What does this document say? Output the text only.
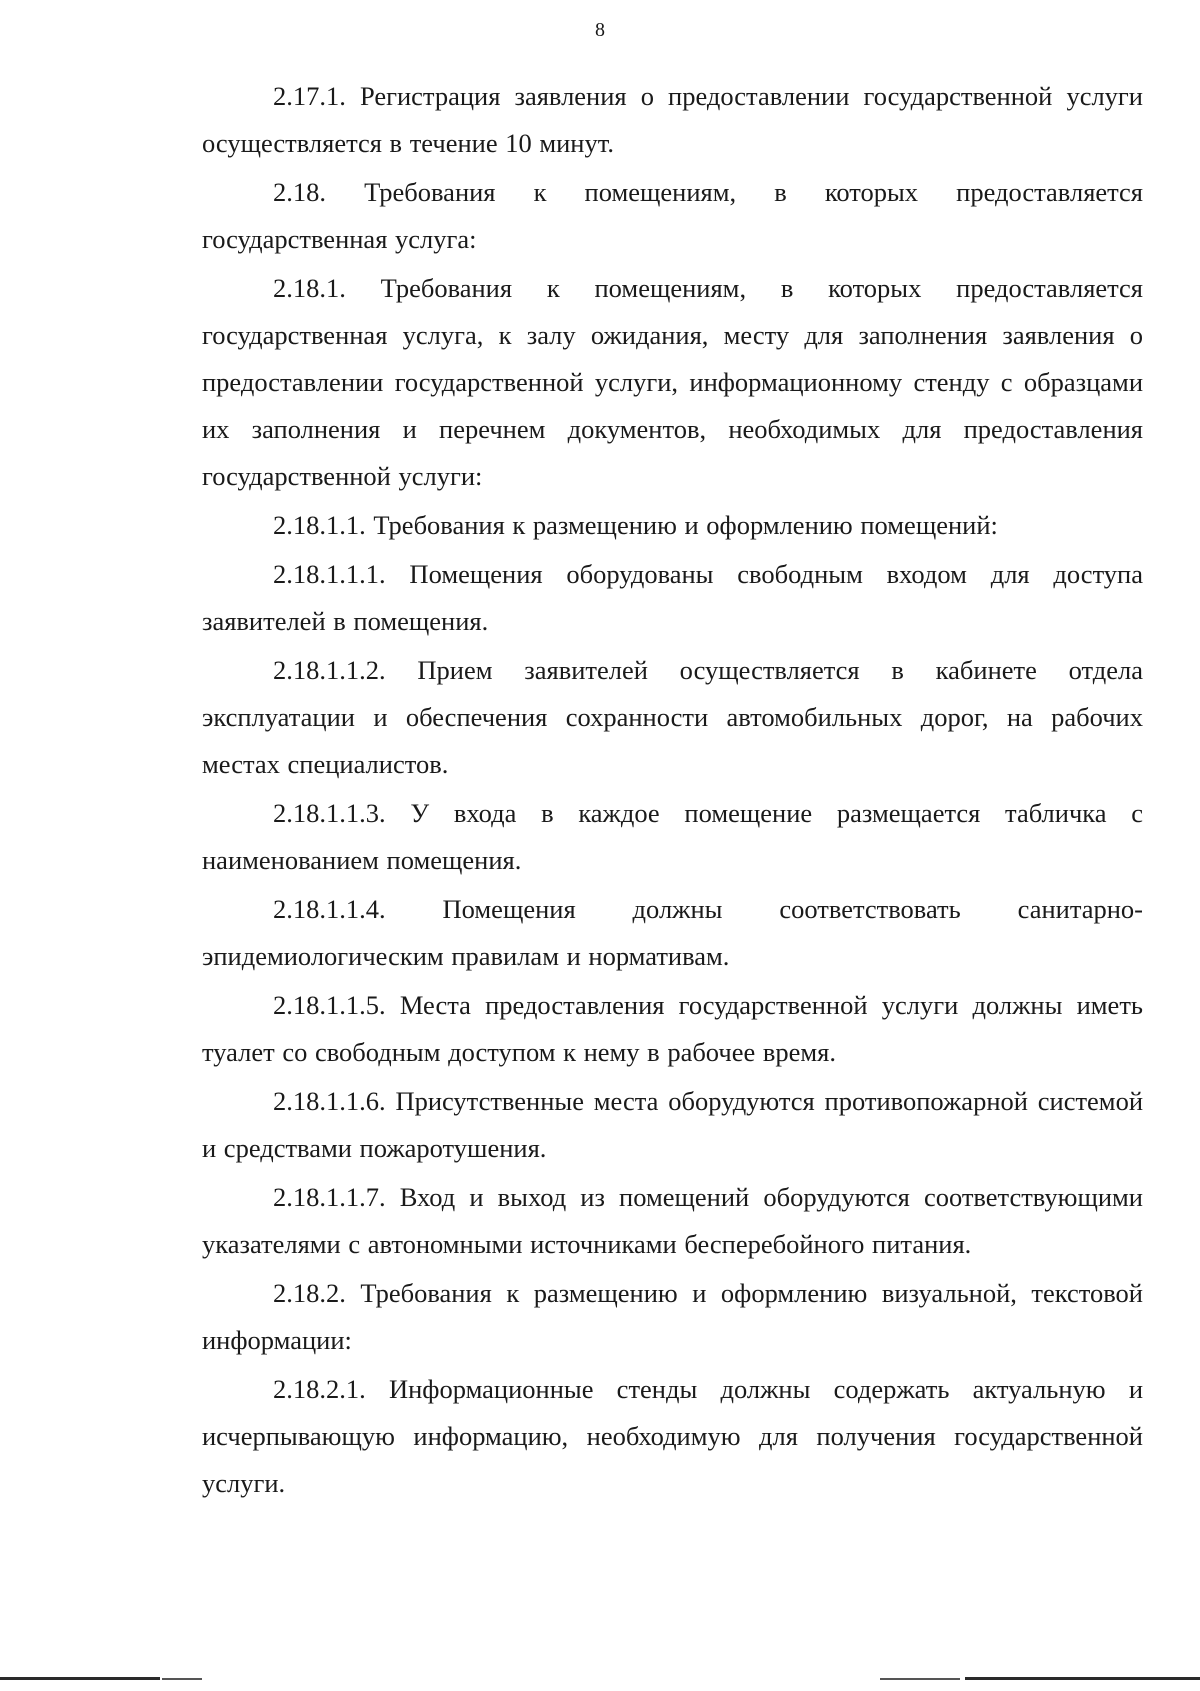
8

2.17.1. Регистрация заявления о предоставлении государственной услуги осуществляется в течение 10 минут.

2.18. Требования к помещениям, в которых предоставляется государственная услуга:

2.18.1. Требования к помещениям, в которых предоставляется государственная услуга, к залу ожидания, месту для заполнения заявления о предоставлении государственной услуги, информационному стенду с образцами их заполнения и перечнем документов, необходимых для предоставления государственной услуги:

2.18.1.1. Требования к размещению и оформлению помещений:

2.18.1.1.1. Помещения оборудованы свободным входом для доступа заявителей в помещения.

2.18.1.1.2. Прием заявителей осуществляется в кабинете отдела эксплуатации и обеспечения сохранности автомобильных дорог, на рабочих местах специалистов.

2.18.1.1.3. У входа в каждое помещение размещается табличка с наименованием помещения.

2.18.1.1.4. Помещения должны соответствовать санитарно-эпидемиологическим правилам и нормативам.

2.18.1.1.5. Места предоставления государственной услуги должны иметь туалет со свободным доступом к нему в рабочее время.

2.18.1.1.6. Присутственные места оборудуются противопожарной системой и средствами пожаротушения.

2.18.1.1.7. Вход и выход из помещений оборудуются соответствующими указателями с автономными источниками бесперебойного питания.

2.18.2. Требования к размещению и оформлению визуальной, текстовой информации:

2.18.2.1. Информационные стенды должны содержать актуальную и исчерпывающую информацию, необходимую для получения государственной услуги.
